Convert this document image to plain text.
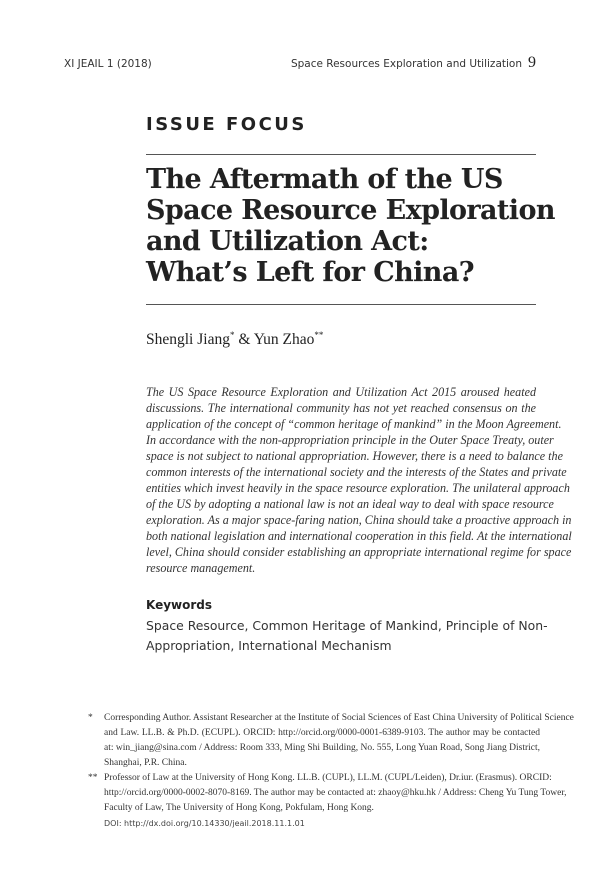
XI JEAIL 1 (2018)	Space Resources Exploration and Utilization 9
ISSUE FOCUS
The Aftermath of the US
Space Resource Exploration
and Utilization Act:
What’s Left for China?
Shengli Jiang* & Yun Zhao**
The US Space Resource Exploration and Utilization Act 2015 aroused heated
discussions. The international community has not yet reached consensus on the
application of the concept of “common heritage of mankind” in the Moon Agreement.
In accordance with the non-appropriation principle in the Outer Space Treaty, outer
space is not subject to national appropriation. However, there is a need to balance the
common interests of the international society and the interests of the States and private
entities which invest heavily in the space resource exploration. The unilateral approach
of the US by adopting a national law is not an ideal way to deal with space resource
exploration. As a major space-faring nation, China should take a proactive approach in
both national legislation and international cooperation in this field. At the international
level, China should consider establishing an appropriate international regime for space
resource management.
Keywords
Space Resource, Common Heritage of Mankind, Principle of Non-
Appropriation, International Mechanism
*	Corresponding Author. Assistant Researcher at the Institute of Social Sciences of East China University of Political Science
and Law. LL.B. & Ph.D. (ECUPL). ORCID: http://orcid.org/0000-0001-6389-9103. The author may be contacted
at: win_jiang@sina.com / Address: Room 333, Ming Shi Building, No. 555, Long Yuan Road, Song Jiang District,
Shanghai, P.R. China.
** Professor of Law at the University of Hong Kong. LL.B. (CUPL), LL.M. (CUPL/Leiden), Dr.iur. (Erasmus). ORCID:
http://orcid.org/0000-0002-8070-8169. The author may be contacted at: zhaoy@hku.hk / Address: Cheng Yu Tung Tower,
Faculty of Law, The University of Hong Kong, Pokfulam, Hong Kong.
DOI: http://dx.doi.org/10.14330/jeail.2018.11.1.01
